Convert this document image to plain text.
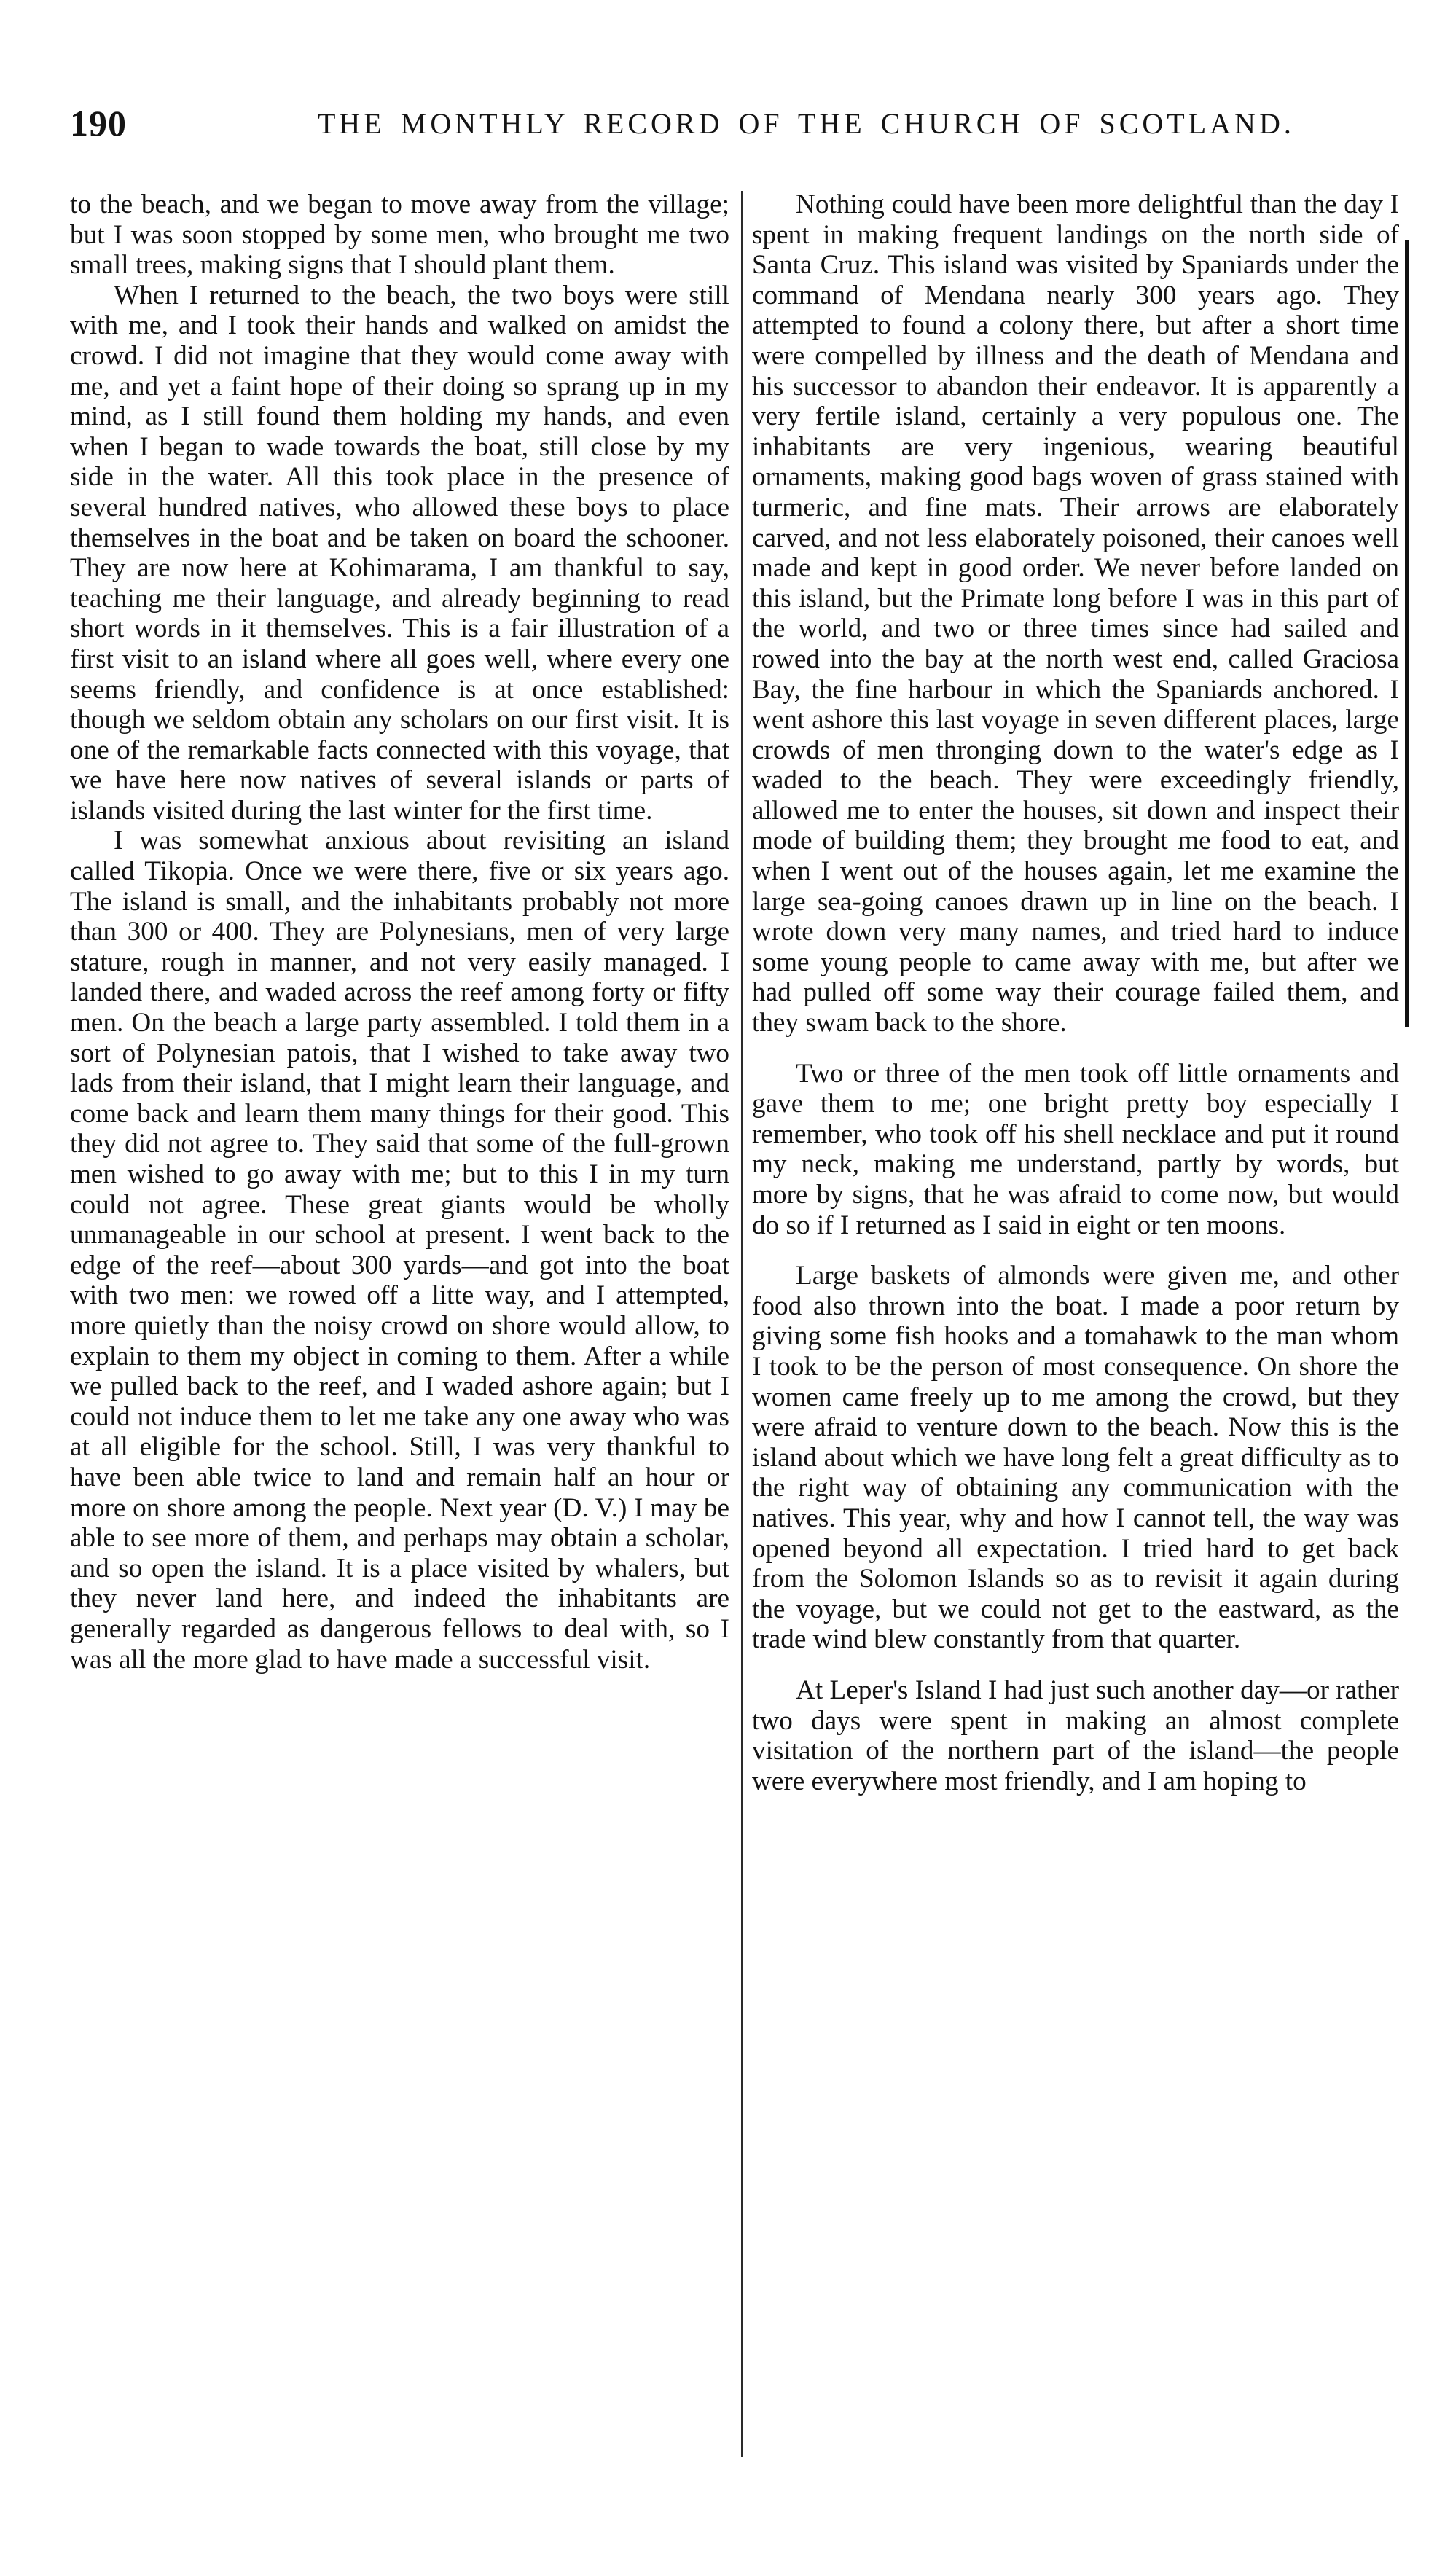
190	THE MONTHLY RECORD OF THE CHURCH OF SCOTLAND.

to the beach, and we began to move away from the village; but I was soon stopped by some men, who brought me two small trees, making signs that I should plant them.

When I returned to the beach, the two boys were still with me, and I took their hands and walked on amidst the crowd. I did not imagine that they would come away with me, and yet a faint hope of their doing so sprang up in my mind, as I still found them holding my hands, and even when I began to wade towards the boat, still close by my side in the water. All this took place in the presence of several hundred natives, who allowed these boys to place themselves in the boat and be taken on board the schooner. They are now here at Kohimarama, I am thankful to say, teaching me their language, and already beginning to read short words in it themselves. This is a fair illustration of a first visit to an island where all goes well, where every one seems friendly, and confidence is at once established: though we seldom obtain any scholars on our first visit. It is one of the remarkable facts connected with this voyage, that we have here now natives of several islands or parts of islands visited during the last winter for the first time.

I was somewhat anxious about revisiting an island called Tikopia. Once we were there, five or six years ago. The island is small, and the inhabitants probably not more than 300 or 400. They are Polynesians, men of very large stature, rough in manner, and not very easily managed. I landed there, and waded across the reef among forty or fifty men. On the beach a large party assembled. I told them in a sort of Polynesian patois, that I wished to take away two lads from their island, that I might learn their language, and come back and learn them many things for their good. This they did not agree to. They said that some of the full-grown men wished to go away with me; but to this I in my turn could not agree. These great giants would be wholly unmanageable in our school at present. I went back to the edge of the reef—about 300 yards—and got into the boat with two men: we rowed off a litte way, and I attempted, more quietly than the noisy crowd on shore would allow, to explain to them my object in coming to them. After a while we pulled back to the reef, and I waded ashore again; but I could not induce them to let me take any one away who was at all eligible for the school. Still, I was very thankful to have been able twice to land and remain half an hour or more on shore among the people. Next year (D. V.) I may be able to see more of them, and perhaps may obtain a scholar, and so open the island. It is a place visited by whalers, but they never land here, and indeed the inhabitants are generally regarded as dangerous fellows to deal with, so I was all the more glad to have made a successful visit.

Nothing could have been more delightful than the day I spent in making frequent landings on the north side of Santa Cruz. This island was visited by Spaniards under the command of Mendana nearly 300 years ago. They attempted to found a colony there, but after a short time were compelled by illness and the death of Mendana and his successor to abandon their endeavor. It is apparently a very fertile island, certainly a very populous one. The inhabitants are very ingenious, wearing beautiful ornaments, making good bags woven of grass stained with turmeric, and fine mats. Their arrows are elaborately carved, and not less elaborately poisoned, their canoes well made and kept in good order. We never before landed on this island, but the Primate long before I was in this part of the world, and two or three times since had sailed and rowed into the bay at the north west end, called Graciosa Bay, the fine harbour in which the Spaniards anchored. I went ashore this last voyage in seven different places, large crowds of men thronging down to the water's edge as I waded to the beach. They were exceedingly friendly, allowed me to enter the houses, sit down and inspect their mode of building them; they brought me food to eat, and when I went out of the houses again, let me examine the large sea-going canoes drawn up in line on the beach. I wrote down very many names, and tried hard to induce some young people to came away with me, but after we had pulled off some way their courage failed them, and they swam back to the shore.

Two or three of the men took off little ornaments and gave them to me; one bright pretty boy especially I remember, who took off his shell necklace and put it round my neck, making me understand, partly by words, but more by signs, that he was afraid to come now, but would do so if I returned as I said in eight or ten moons.

Large baskets of almonds were given me, and other food also thrown into the boat. I made a poor return by giving some fish hooks and a tomahawk to the man whom I took to be the person of most consequence. On shore the women came freely up to me among the crowd, but they were afraid to venture down to the beach. Now this is the island about which we have long felt a great difficulty as to the right way of obtaining any communication with the natives. This year, why and how I cannot tell, the way was opened beyond all expectation. I tried hard to get back from the Solomon Islands so as to revisit it again during the voyage, but we could not get to the eastward, as the trade wind blew constantly from that quarter.

At Leper's Island I had just such another day—or rather two days were spent in making an almost complete visitation of the northern part of the island—the people were everywhere most friendly, and I am hoping to
